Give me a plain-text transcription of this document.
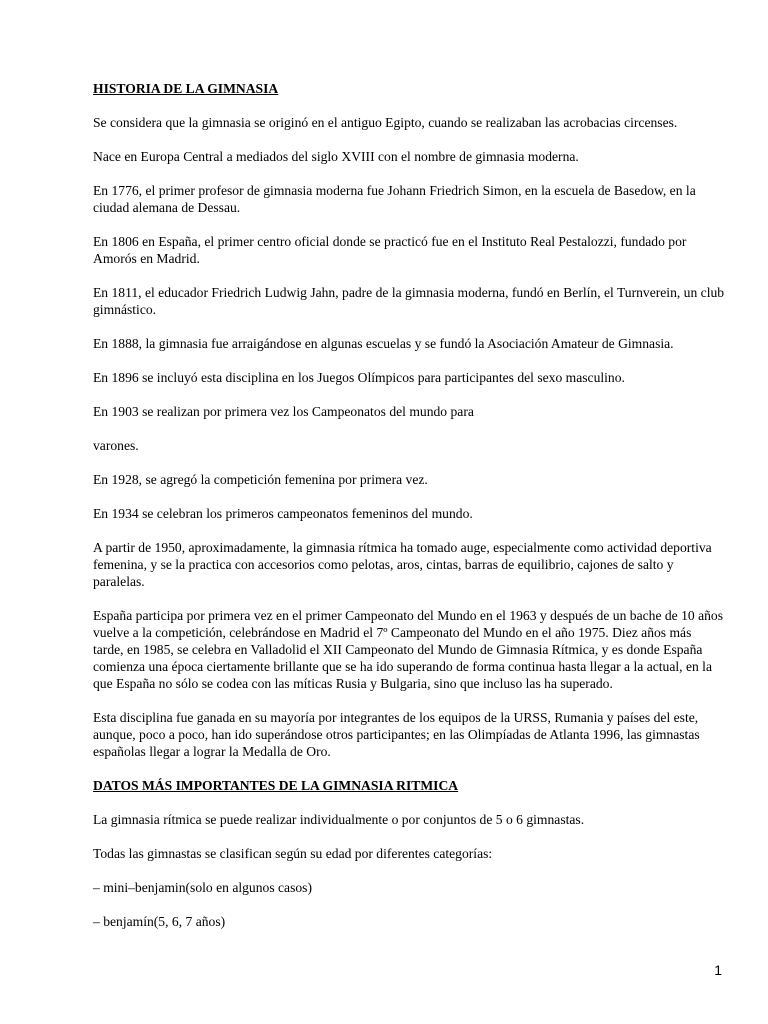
HISTORIA DE LA GIMNASIA

Se considera que la gimnasia se originó en el antiguo Egipto, cuando se realizaban las acrobacias circenses.

Nace en Europa Central a mediados del siglo XVIII con el nombre de gimnasia moderna.

En 1776, el primer profesor de gimnasia moderna fue Johann Friedrich Simon, en la escuela de Basedow, en la ciudad alemana de Dessau.

En 1806 en España, el primer centro oficial donde se practicó fue en el Instituto Real Pestalozzi, fundado por Amorós en Madrid.

En 1811, el educador Friedrich Ludwig Jahn, padre de la gimnasia moderna, fundó en Berlín, el Turnverein, un club gimnástico.

En 1888, la gimnasia fue arraigándose en algunas escuelas y se fundó la Asociación Amateur de Gimnasia.

En 1896 se incluyó esta disciplina en los Juegos Olímpicos para participantes del sexo masculino.

En 1903 se realizan por primera vez los Campeonatos del mundo para

varones.

En 1928, se agregó la competición femenina por primera vez.

En 1934 se celebran los primeros campeonatos femeninos del mundo.

A partir de 1950, aproximadamente, la gimnasia rítmica ha tomado auge, especialmente como actividad deportiva femenina, y se la practica con accesorios como pelotas, aros, cintas, barras de equilibrio, cajones de salto y paralelas.

España participa por primera vez en el primer Campeonato del Mundo en el 1963 y después de un bache de 10 años vuelve a la competición, celebrándose en Madrid el 7º Campeonato del Mundo en el año 1975. Diez años más tarde, en 1985, se celebra en Valladolid el XII Campeonato del Mundo de Gimnasia Rítmica, y es donde España comienza una época ciertamente brillante que se ha ido superando de forma continua hasta llegar a la actual, en la que España no sólo se codea con las míticas Rusia y Bulgaria, sino que incluso las ha superado.

Esta disciplina fue ganada en su mayoría por integrantes de los equipos de la URSS, Rumania y países del este, aunque, poco a poco, han ido superándose otros participantes; en las Olimpíadas de Atlanta 1996, las gimnastas españolas llegar a lograr la Medalla de Oro.

DATOS MÁS IMPORTANTES DE LA GIMNASIA RITMICA

La gimnasia rítmica se puede realizar individualmente o por conjuntos de 5 o 6 gimnastas.

Todas las gimnastas se clasifican según su edad por diferentes categorías:

– mini–benjamin(solo en algunos casos)

– benjamín(5, 6, 7 años)

1
